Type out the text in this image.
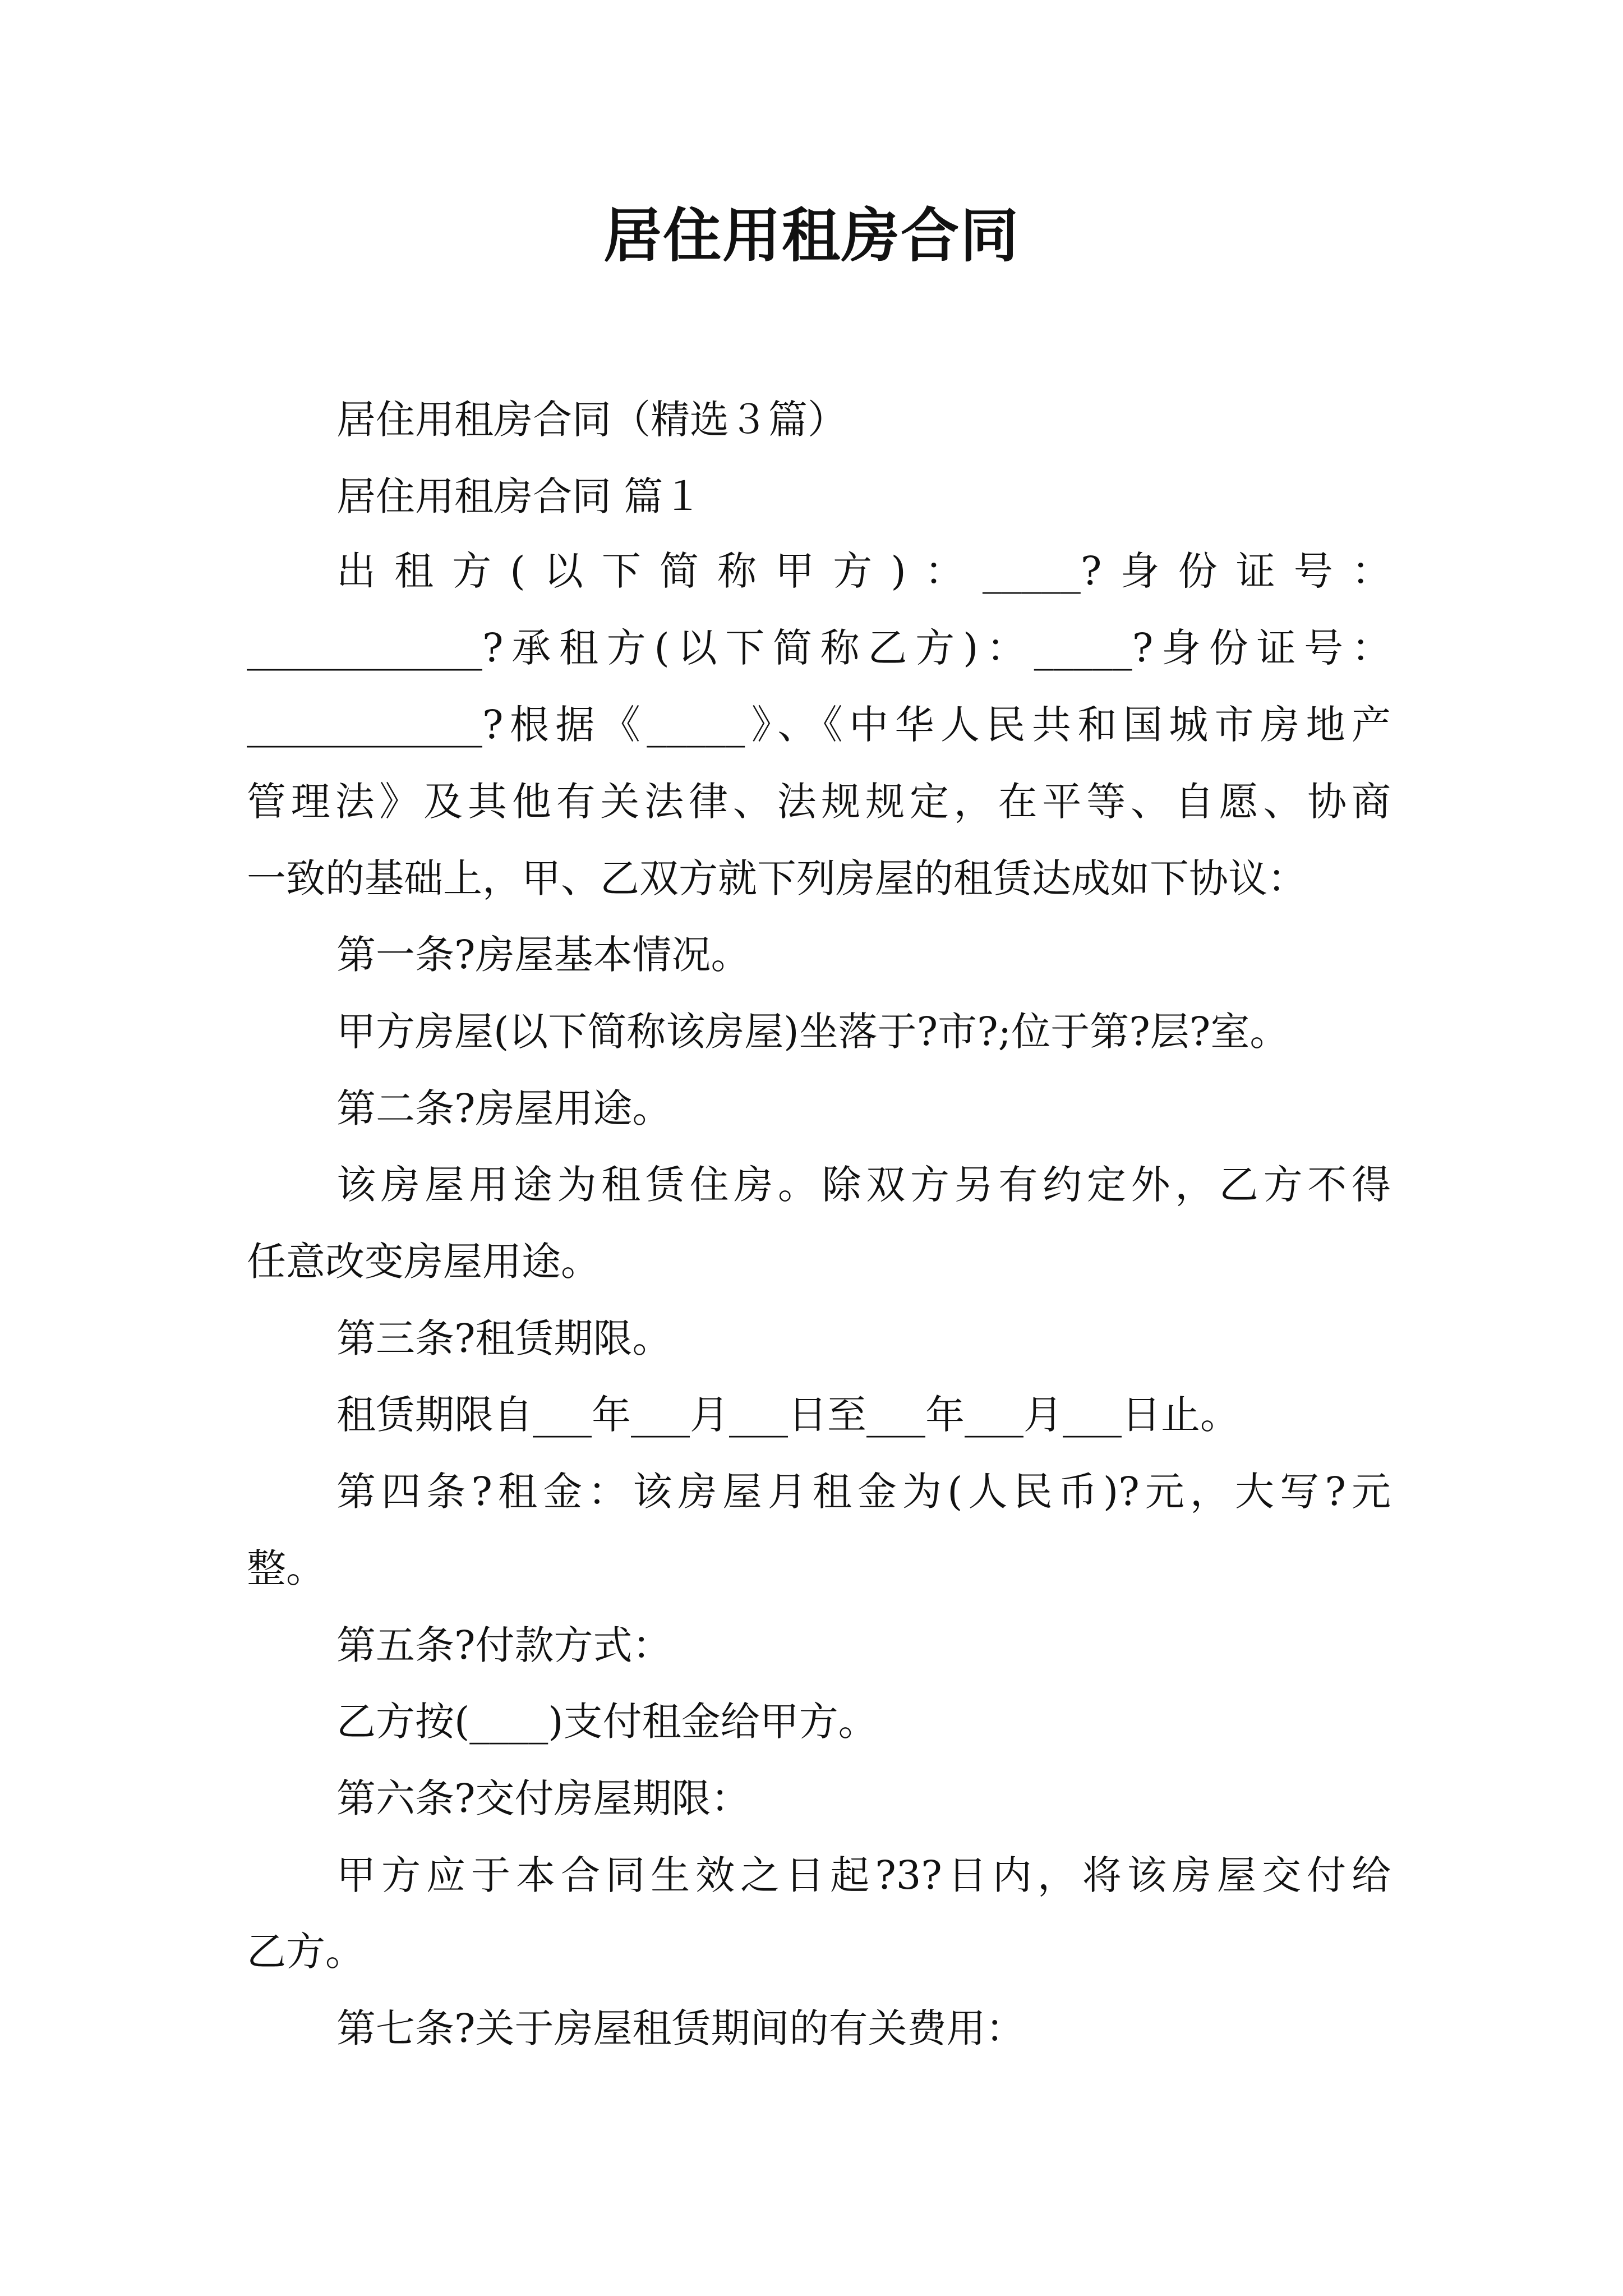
居住用租房合同
居住用租房合同（精选３篇）
居住用租房合同 篇１
出租方(以下简称甲方)：_____?身份证号：
____________?承租方(以下简称乙方)：_____?身份证号：
____________?根据《_____》、《中华人民共和国城市房地产
管理法》及其他有关法律、法规规定，在平等、自愿、协商
一致的基础上，甲、乙双方就下列房屋的租赁达成如下协议：
第一条?房屋基本情况。
甲方房屋(以下简称该房屋)坐落于?市?;位于第?层?室。
第二条?房屋用途。
该房屋用途为租赁住房。除双方另有约定外，乙方不得
任意改变房屋用途。
第三条?租赁期限。
租赁期限自___年___月___日至___年___月___日止。
第四条?租金：该房屋月租金为(人民币)?元，大写?元
整。
第五条?付款方式：
乙方按(____)支付租金给甲方。
第六条?交付房屋期限：
甲方应于本合同生效之日起?3?日内，将该房屋交付给
乙方。
第七条?关于房屋租赁期间的有关费用：
